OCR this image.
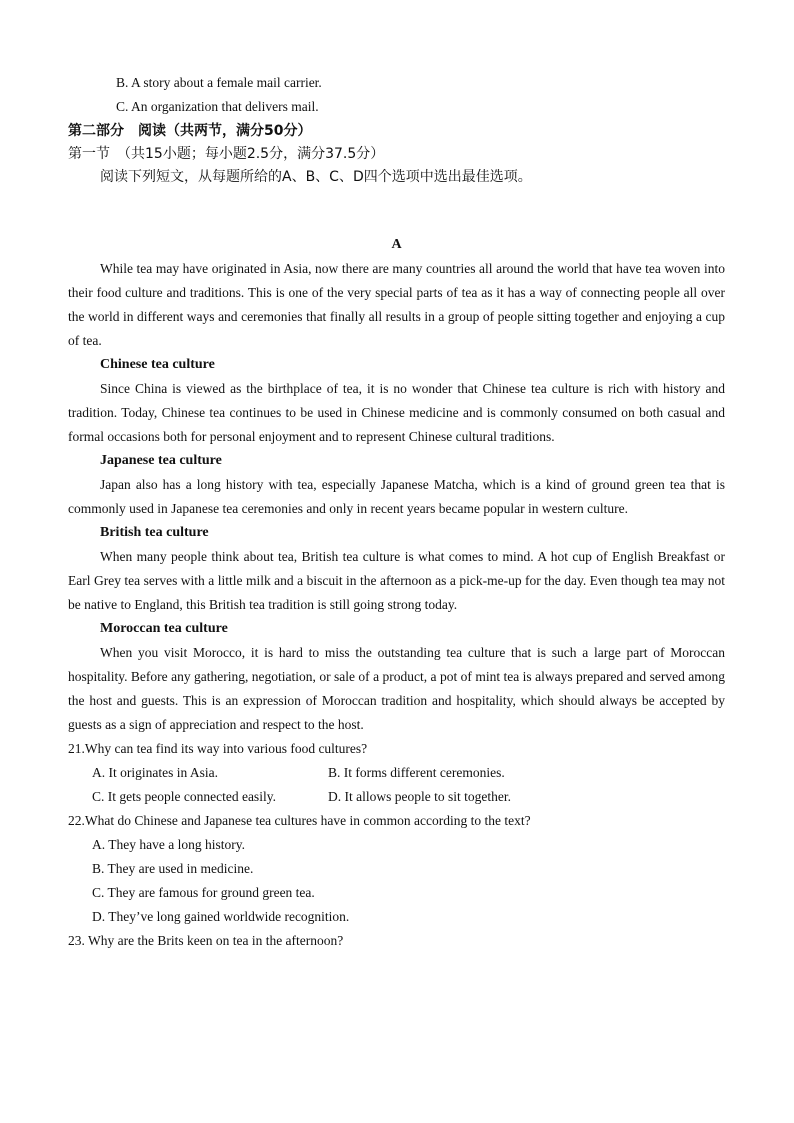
B. A story about a female mail carrier.
C. An organization that delivers mail.
第二部分　阅读（共两节，满分50分）
第一节　（共15小题；每小题2.5分，满分37.5分）
阅读下列短文，从每题所给的A、B、C、D四个选项中选出最佳选项。
A

While tea may have originated in Asia, now there are many countries all around the world that have tea woven into their food culture and traditions. This is one of the very special parts of tea as it has a way of connecting people all over the world in different ways and ceremonies that finally all results in a group of people sitting together and enjoying a cup of tea.

Chinese tea culture

Since China is viewed as the birthplace of tea, it is no wonder that Chinese tea culture is rich with history and tradition. Today, Chinese tea continues to be used in Chinese medicine and is commonly consumed on both casual and formal occasions both for personal enjoyment and to represent Chinese cultural traditions.

Japanese tea culture

Japan also has a long history with tea, especially Japanese Matcha, which is a kind of ground green tea that is commonly used in Japanese tea ceremonies and only in recent years became popular in western culture.

British tea culture

When many people think about tea, British tea culture is what comes to mind. A hot cup of English Breakfast or Earl Grey tea serves with a little milk and a biscuit in the afternoon as a pick-me-up for the day. Even though tea may not be native to England, this British tea tradition is still going strong today.

Moroccan tea culture

When you visit Morocco, it is hard to miss the outstanding tea culture that is such a large part of Moroccan hospitality. Before any gathering, negotiation, or sale of a product, a pot of mint tea is always prepared and served among the host and guests. This is an expression of Moroccan tradition and hospitality, which should always be accepted by guests as a sign of appreciation and respect to the host.

21.Why can tea find its way into various food cultures?
A. It originates in Asia.	B. It forms different ceremonies.
C. It gets people connected easily.	D. It allows people to sit together.
22.What do Chinese and Japanese tea cultures have in common according to the text?
A. They have a long history.
B. They are used in medicine.
C. They are famous for ground green tea.
D. They’ve long gained worldwide recognition.
23. Why are the Brits keen on tea in the afternoon?
